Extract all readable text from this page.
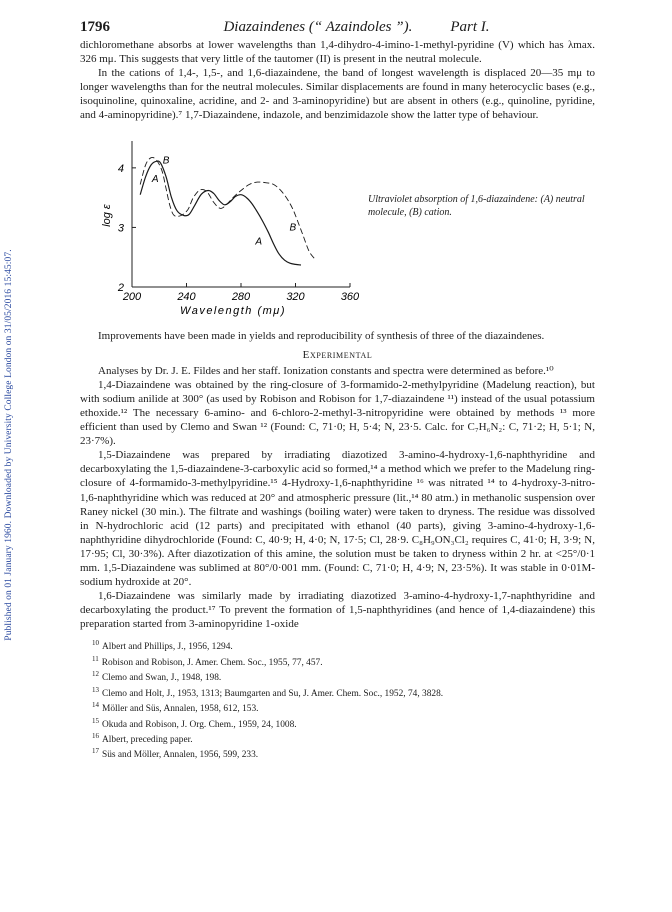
Published on 01 January 1960. Downloaded by University College London on 31/05/2016 15:45:07.
1796	Diazaindenes (“ Azaindoles ”).	Part I.

dichloromethane absorbs at lower wavelengths than 1,4-dihydro-4-imino-1-methyl-pyridine (V) which has λmax. 326 mμ. This suggests that very little of the tautomer (II) is present in the neutral molecule.

In the cations of 1,4-, 1,5-, and 1,6-diazaindene, the band of longest wavelength is displaced 20—35 mμ to longer wavelengths than for the neutral molecules. Similar displacements are found in many heterocyclic bases (e.g., isoquinoline, quinoxaline, acridine, and 2- and 3-aminopyridine) but are absent in others (e.g., quinoline, pyridine, and 4-aminopyridine).⁷ 1,7-Diazaindene, indazole, and benzimidazole show the latter type of behaviour.

200	240	280	320	360
2
3
4
Wavelength (mμ)
log ε
A
B
A
B
Ultraviolet absorption of 1,6-diazaindene: (A) neutral molecule, (B) cation.

Improvements have been made in yields and reproducibility of synthesis of three of the diazaindenes.

Experimental

Analyses by Dr. J. E. Fildes and her staff. Ionization constants and spectra were determined as before.¹⁰

1,4-Diazaindene was obtained by the ring-closure of 3-formamido-2-methylpyridine (Madelung reaction), but with sodium anilide at 300° (as used by Robison and Robison for 1,7-diazaindene ¹¹) instead of the usual potassium ethoxide.¹² The necessary 6-amino- and 6-chloro-2-methyl-3-nitropyridine were obtained by methods ¹³ more efficient than used by Clemo and Swan ¹² (Found: C, 71·0; H, 5·4; N, 23·5. Calc. for C₇H₆N₂: C, 71·2; H, 5·1; N, 23·7%).

1,5-Diazaindene was prepared by irradiating diazotized 3-amino-4-hydroxy-1,6-naphthyridine and decarboxylating the 1,5-diazaindene-3-carboxylic acid so formed,¹⁴ a method which we prefer to the Madelung ring-closure of 4-formamido-3-methylpyridine.¹⁵ 4-Hydroxy-1,6-naphthyridine ¹⁶ was nitrated ¹⁴ to 4-hydroxy-3-nitro-1,6-naphthyridine which was reduced at 20° and atmospheric pressure (lit.,¹⁴ 80 atm.) in methanolic suspension over Raney nickel (30 min.). The filtrate and washings (boiling water) were taken to dryness. The residue was dissolved in N-hydrochloric acid (12 parts) and precipitated with ethanol (40 parts), giving 3-amino-4-hydroxy-1,6-naphthyridine dihydrochloride (Found: C, 40·9; H, 4·0; N, 17·5; Cl, 28·9. C₈H₉ON₃Cl₂ requires C, 41·0; H, 3·9; N, 17·95; Cl, 30·3%). After diazotization of this amine, the solution must be taken to dryness within 2 hr. at <25°/0·1 mm. 1,5-Diazaindene was sublimed at 80°/0·001 mm. (Found: C, 71·0; H, 4·9; N, 23·5%). It was stable in 0·01M-sodium hydroxide at 20°.

1,6-Diazaindene was similarly made by irradiating diazotized 3-amino-4-hydroxy-1,7-naphthyridine and decarboxylating the product.¹⁷ To prevent the formation of 1,5-naphthyridines (and hence of 1,4-diazaindene) this preparation started from 3-aminopyridine 1-oxide

$^{10}$ Albert and Phillips, J., 1956, 1294.
$^{11}$ Robison and Robison, J. Amer. Chem. Soc., 1955, 77, 457.
$^{12}$ Clemo and Swan, J., 1948, 198.
$^{13}$ Clemo and Holt, J., 1953, 1313; Baumgarten and Su, J. Amer. Chem. Soc., 1952, 74, 3828.
$^{14}$ Möller and Süs, Annalen, 1958, 612, 153.
$^{15}$ Okuda and Robison, J. Org. Chem., 1959, 24, 1008.
$^{16}$ Albert, preceding paper.
$^{17}$ Süs and Möller, Annalen, 1956, 599, 233.
